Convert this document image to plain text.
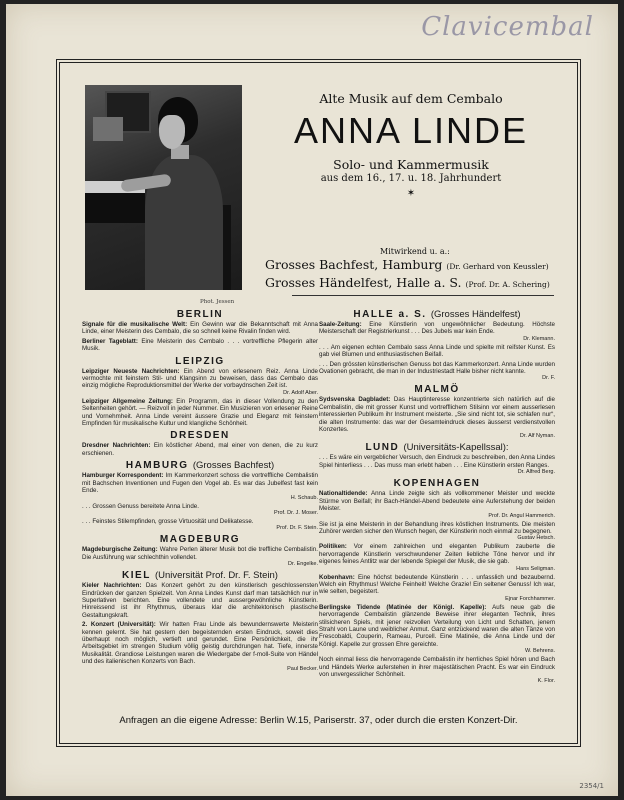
Clavicembal
Phot. Jessen
Alte Musik auf dem Cembalo
ANNA LINDE
Solo- und Kammermusik
aus dem 16., 17. u. 18. Jahrhundert
✶
Mitwirkend u. a.:
Grosses Bachfest, Hamburg (Dr. Gerhard von Keussler)
Grosses Händelfest, Halle a. S. (Prof. Dr. A. Schering)
BERLIN

Signale für die musikalische Welt: Ein Gewinn war die Bekanntschaft mit Anna Linde, einer Meisterin des Cembalo, die so schnell keine Rivalin finden wird.

Berliner Tageblatt: Eine Meisterin des Cembalo . . . vortreffliche Pflegerin alter Musik.

LEIPZIG

Leipziger Neueste Nachrichten: Ein Abend von erlesenem Reiz. Anna Linde vermochte mit feinstem Stil- und Klangsinn zu beweisen, dass das Cembalo das einzig mögliche Reproduktionsmittel der Werke der vorbaydnschen Zeit ist.
Dr. Adolf Aber.

Leipziger Allgemeine Zeitung: Ein Programm, das in dieser Vollendung zu den Seltenheiten gehört. — Reizvoll in jeder Nummer. Ein Musizieren von erlesener Reine und Vornehmheit. Anna Linde vereint äussere Grazie und Eleganz mit feinstem Empfinden für musikalische Kultur und klangliche Schönheit.

DRESDEN

Dresdner Nachrichten: Ein köstlicher Abend, mal einer von denen, die zu kurz erschienen.

HAMBURG (Grosses Bachfest)

Hamburger Korrespondent: Im Kammerkonzert schoss die vortreffliche Cembalistin mit Bachschen Inventionen und Fugen den Vogel ab. Es war das Jubelfest fast kein Ende.
H. Schaub.

. . . Grossen Genuss bereitete Anna Linde.
Prof. Dr. J. Moser.

. . . Feinstes Stilempfinden, grosse Virtuosität und Delikatesse.
Prof. Dr. F. Stein.

MAGDEBURG

Magdeburgische Zeitung: Wahre Perlen älterer Musik bot die treffliche Cembalistin. Die Ausführung war schlechthin vollendet.
Dr. Engelke.

KIEL (Universität Prof. Dr. F. Stein)

Kieler Nachrichten: Das Konzert gehört zu den künstlerisch geschlossensten Eindrücken der ganzen Spielzeit. Von Anna Lindes Kunst darf man tatsächlich nur in Superlativen berichten. Eine vollendete und aussergewöhnliche Künstlerin. Hinreissend ist ihr Rhythmus, überaus klar die architektonisch plastische Gestaltungskraft.

2. Konzert (Universität): Wir hatten Frau Linde als bewundernswerte Meisterin kennen gelernt. Sie hat gestern den begeisternden ersten Eindruck, soweit dies überhaupt noch möglich, vertieft und gerundet. Eine Persönlichkeit, die ihr Arbeitsgebiet im strengen Studium völlig geistig durchdrungen hat. Tiefe, innerste Musikalität. Grandiose Leistungen waren die Wiedergabe der f-moll-Suite von Händel und des italienischen Konzerts von Bach.
Paul Becker.

HALLE a. S. (Grosses Händelfest)

Saale-Zeitung: Eine Künstlerin von ungewöhnlicher Bedeutung. Höchste Meisterschaft der Registrierkunst . . . Des Jubels war kein Ende.
Dr. Klemann.

. . . Am eigenen echten Cembalo sass Anna Linde und spielte mit reifster Kunst. Es gab viel Blumen und enthusiastischen Beifall.

. . . Den grössten künstlerischen Genuss bot das Kammerkonzert. Anna Linde wurden Ovationen gebracht, die man in der Industriestadt Halle bisher nicht kannte.
Dr. F.

MALMÖ

Sydsvenska Dagbladet: Das Hauptinteresse konzentrierte sich natürlich auf die Cembalistin, die mit grosser Kunst und vortrefflichem Stilsinn vor einem ausserlesen interessierten Publikum ihr Instrument meisterte. „Sie sind nicht tot, sie schlafen nur“, die alten Instrumente: das war der Gesamteindruck dieses äusserst verdienstvollen Konzertes.
Dr. Alf Nyman.

LUND (Universitäts-Kapellssal):

. . . Es wäre ein vergeblicher Versuch, den Eindruck zu beschreiben, den Anna Lindes Spiel hinterliess . . . Das muss man erlebt haben . . . Eine Künstlerin ersten Ranges.
Dr. Alfred Berg.

KOPENHAGEN

Nationaltidende: Anna Linde zeigte sich als vollkommener Meister und weckte Stürme von Beifall; ihr Bach-Händel-Abend bedeutete eine Auferstehung der beiden Meister.
Prof. Dr. Angul Hammerich.

Sie ist ja eine Meisterin in der Behandlung ihres köstlichen Instruments. Die meisten Zuhörer werden sicher den Wunsch hegen, der Künstlerin noch einmal zu begegnen.
Gustav Hetsch.

Politiken: Vor einem zahlreichen und eleganten Publikum zauberte die hervorragende Künstlerin verschwundener Zeiten liebliche Töne hervor und ihr eigenes feines Antlitz war der lebende Spiegel der Musik, die sie gab.
Hans Seligman.

Kobenhavn: Eine höchst bedeutende Künstlerin . . . unfasslich und bezaubernd. Welch ein Rhythmus! Welche Feinheit! Welche Grazie! Ein seltener Genuss! Ich war, wie selten, begeistert.
Ejnar Forchhammer.

Berlingske Tidende (Matinée der Königl. Kapelle): Aufs neue gab die hervorragende Cembalistin glänzende Beweise ihrer eleganten Technik, ihres stilsicheren Spiels, mit jener reizvollen Verteilung von Licht und Schatten, jenem Strahl von Laune und weiblicher Anmut. Ganz entzückend waren die alten Tänze von Frescobaldi, Couperin, Rameau, Purcell. Eine Matinée, die Anna Linde und der Königl. Kapelle zur grossen Ehre gereichte.
W. Behrens.

Noch einmal liess die hervorragende Cembalistin ihr herrliches Spiel hören und Bach und Händels Werke auferstehen in ihrer majestätischen Pracht. Es war ein Eindruck von unvergesslicher Schönheit.
K. Flor.

Anfragen an die eigene Adresse: Berlin W.15, Pariserstr. 37, oder durch die ersten Konzert-Dir.
2354/1
